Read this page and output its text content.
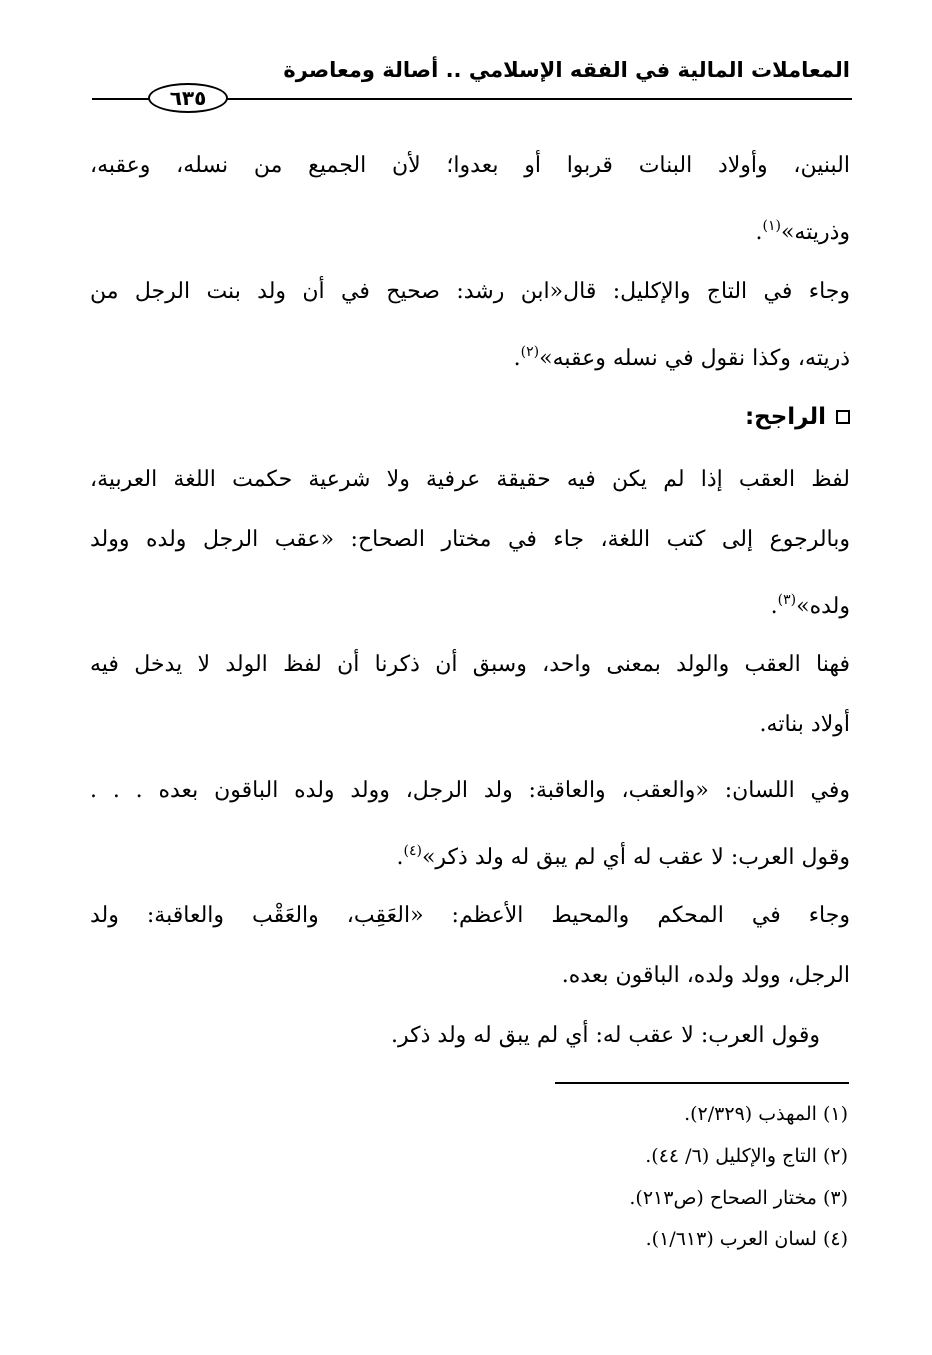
المعاملات المالية في الفقه الإسلامي .. أصالة ومعاصرة
٦٣٥
البنين، وأولاد البنات قربوا أو بعدوا؛ لأن الجميع من نسله، وعقبه،
وذريته»$^{(١)}$.
وجاء في التاج والإكليل: قال«ابن رشد: صحيح في أن ولد بنت الرجل من
ذريته، وكذا نقول في نسله وعقبه»$^{(٢)}$.
الراجح:
لفظ العقب إذا لم يكن فيه حقيقة عرفية ولا شرعية حكمت اللغة العربية،
وبالرجوع إلى كتب اللغة، جاء في مختار الصحاح: «عقب الرجل ولده وولد
ولده»$^{(٣)}$.
فهنا العقب والولد بمعنى واحد، وسبق أن ذكرنا أن لفظ الولد لا يدخل فيه
أولاد بناته.
وفي اللسان: «والعقب، والعاقبة: ولد الرجل، وولد ولده الباقون بعده . . .
وقول العرب: لا عقب له أي لم يبق له ولد ذكر»$^{(٤)}$.
وجاء في المحكم والمحيط الأعظم: «العَقِب، والعَقْب والعاقبة: ولد
الرجل، وولد ولده، الباقون بعده.
وقول العرب: لا عقب له: أي لم يبق له ولد ذكر.
(١) المهذب (٢/٣٢٩).
(٢) التاج والإكليل (٦/ ٤٤).
(٣) مختار الصحاح (ص٢١٣).
(٤) لسان العرب (١/٦١٣).
